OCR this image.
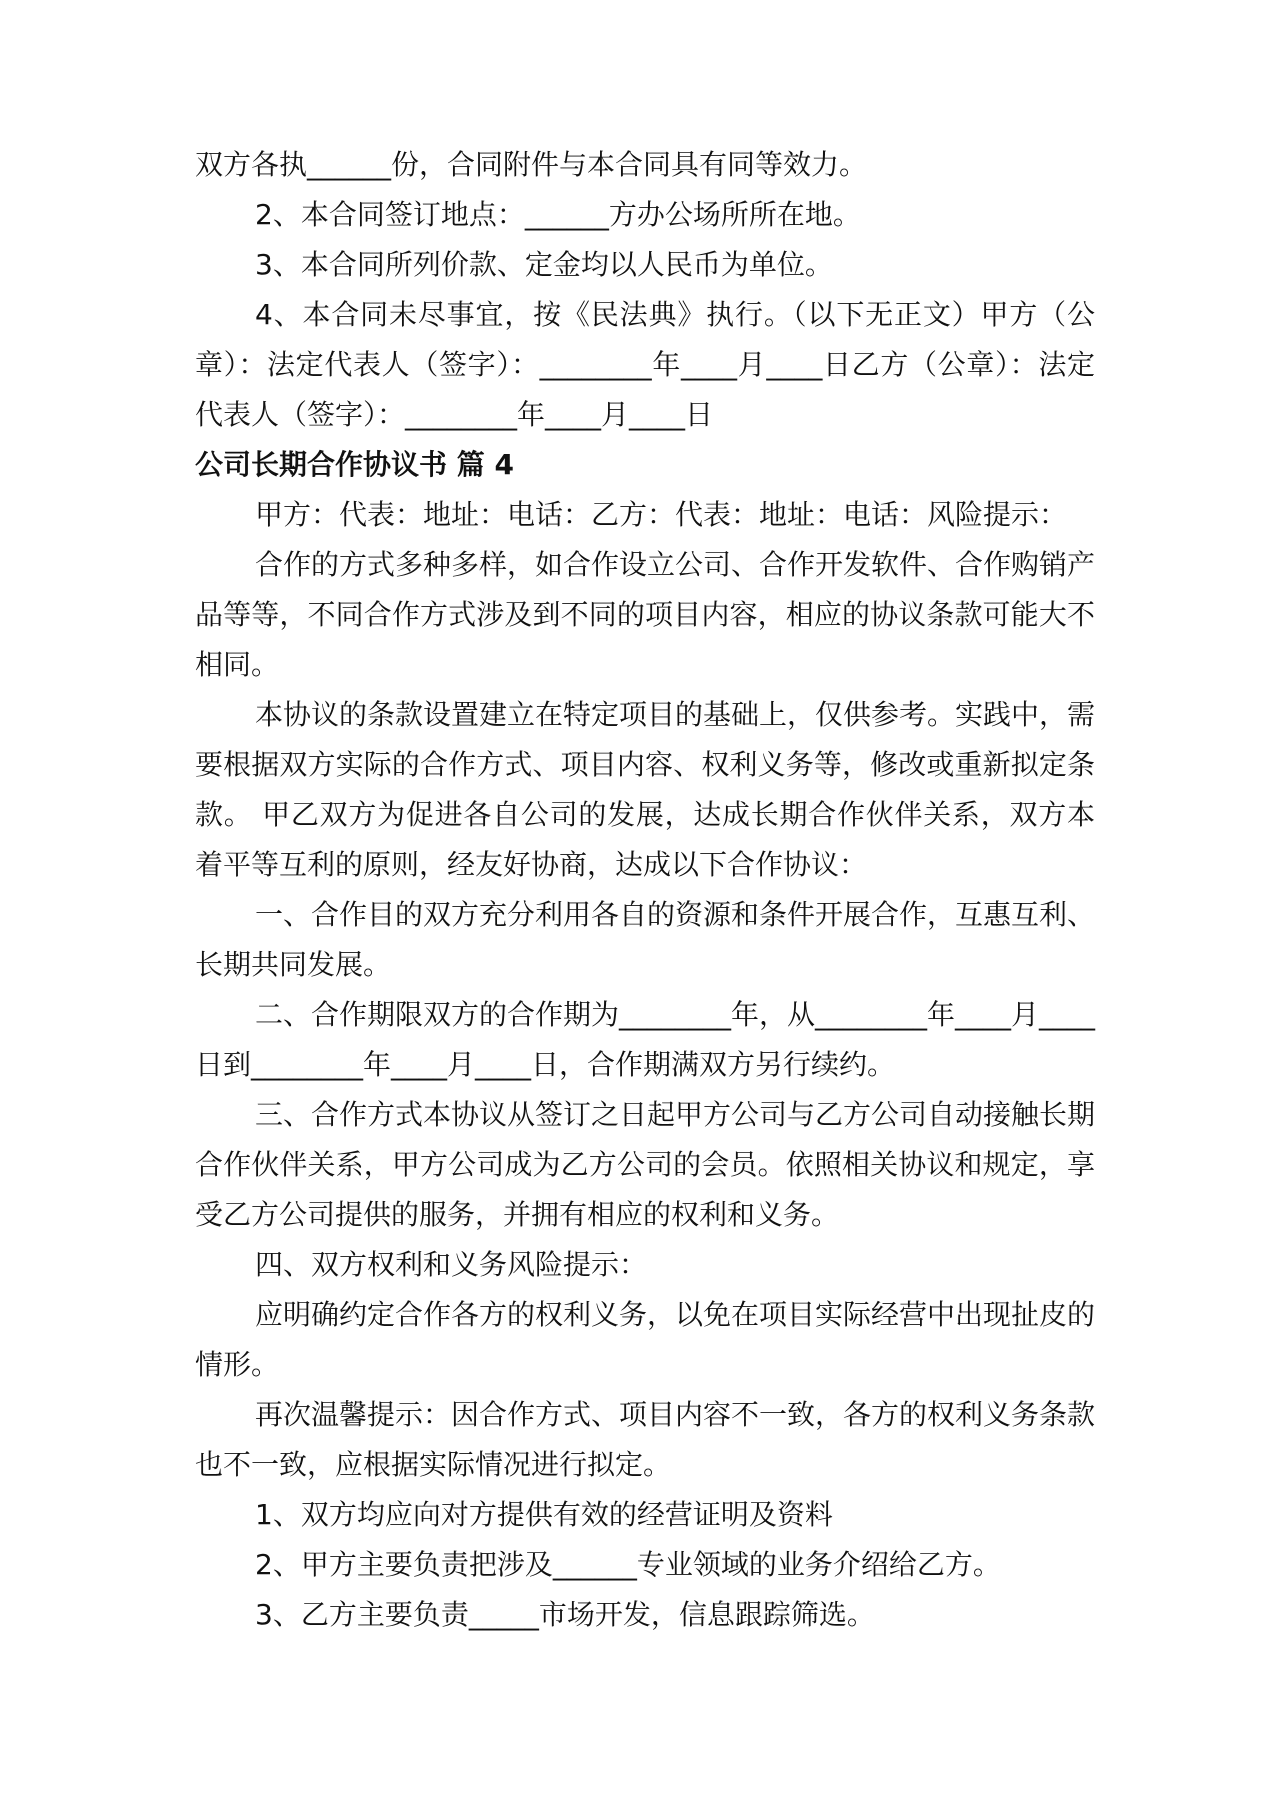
双方各执______份，合同附件与本合同具有同等效力。

2、本合同签订地点：______方办公场所所在地。

3、本合同所列价款、定金均以人民币为单位。

4、本合同未尽事宜，按《民法典》执行。（以下无正文）甲方（公章）：法定代表人（签字）：________年____月____日乙方（公章）：法定代表人（签字）：________年____月____日

公司长期合作协议书 篇 4

甲方：代表：地址：电话：乙方：代表：地址：电话：风险提示：

合作的方式多种多样，如合作设立公司、合作开发软件、合作购销产品等等，不同合作方式涉及到不同的项目内容，相应的协议条款可能大不相同。

本协议的条款设置建立在特定项目的基础上，仅供参考。实践中，需要根据双方实际的合作方式、项目内容、权利义务等，修改或重新拟定条款。 甲乙双方为促进各自公司的发展，达成长期合作伙伴关系，双方本着平等互利的原则，经友好协商，达成以下合作协议：

一、合作目的双方充分利用各自的资源和条件开展合作，互惠互利、长期共同发展。

二、合作期限双方的合作期为________年，从________年____月____日到________年____月____日，合作期满双方另行续约。

三、合作方式本协议从签订之日起甲方公司与乙方公司自动接触长期合作伙伴关系，甲方公司成为乙方公司的会员。依照相关协议和规定，享受乙方公司提供的服务，并拥有相应的权利和义务。

四、双方权利和义务风险提示：

应明确约定合作各方的权利义务，以免在项目实际经营中出现扯皮的情形。

再次温馨提示：因合作方式、项目内容不一致，各方的权利义务条款也不一致，应根据实际情况进行拟定。

1、双方均应向对方提供有效的经营证明及资料

2、甲方主要负责把涉及______专业领域的业务介绍给乙方。

3、乙方主要负责_____市场开发，信息跟踪筛选。
